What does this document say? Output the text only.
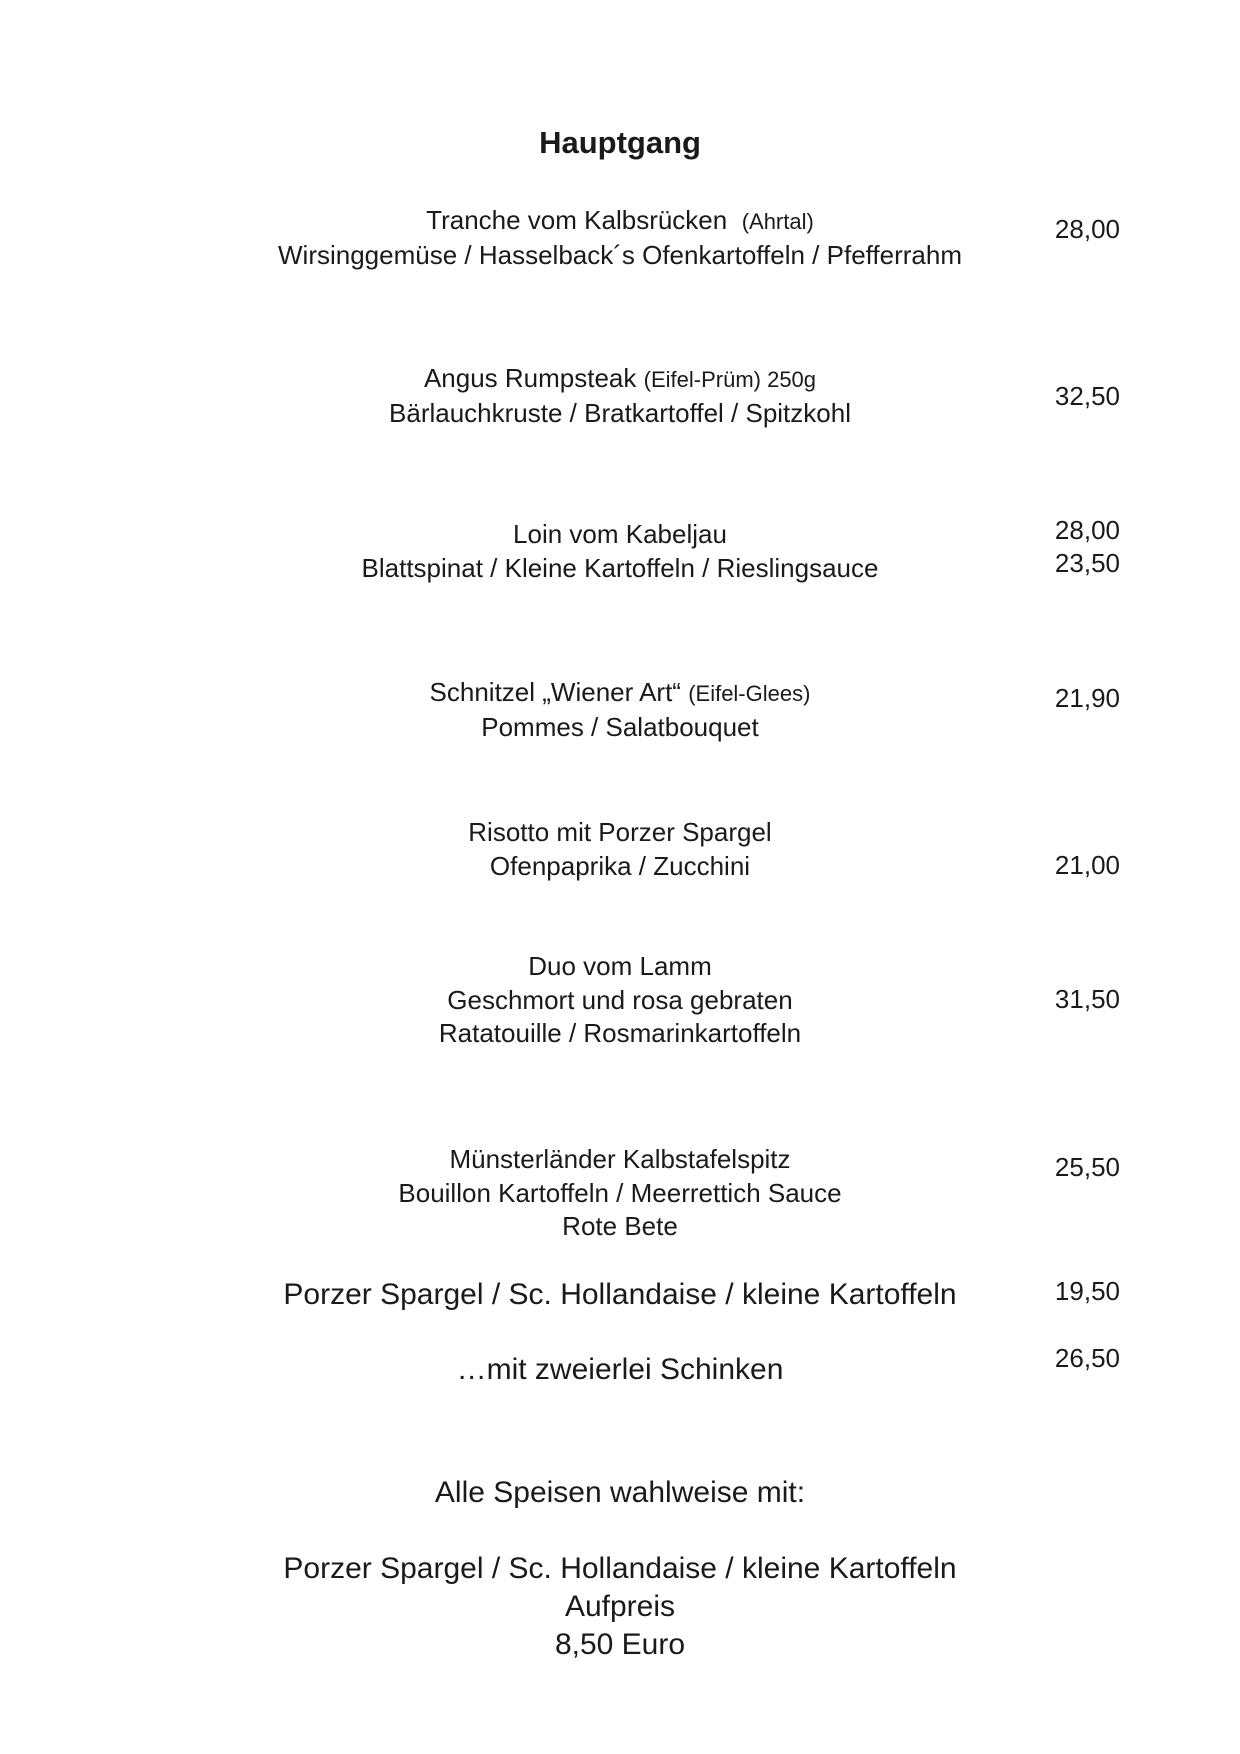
Hauptgang
Tranche vom Kalbsrücken (Ahrtal)
Wirsinggemüse / Hasselback´s Ofenkartoffeln / Pfefferrahm
28,00
Angus Rumpsteak (Eifel-Prüm) 250g
Bärlauchkruste / Bratkartoffel / Spitzkohl
32,50
Loin vom Kabeljau
Blattspinat / Kleine Kartoffeln / Rieslingsauce
28,00
23,50
Schnitzel „Wiener Art“ (Eifel-Glees)
Pommes / Salatbouquet
21,90
Risotto mit Porzer Spargel
Ofenpaprika / Zucchini	21,00
Duo vom Lamm
Geschmort und rosa gebraten
Ratatouille / Rosmarinkartoffeln
31,50
Münsterländer Kalbstafelspitz
Bouillon Kartoffeln / Meerrettich Sauce
Rote Bete
25,50
Porzer Spargel / Sc. Hollandaise / kleine Kartoffeln	19,50
…mit zweierlei Schinken	26,50
Alle Speisen wahlweise mit:
Porzer Spargel / Sc. Hollandaise / kleine Kartoffeln
Aufpreis
8,50 Euro
